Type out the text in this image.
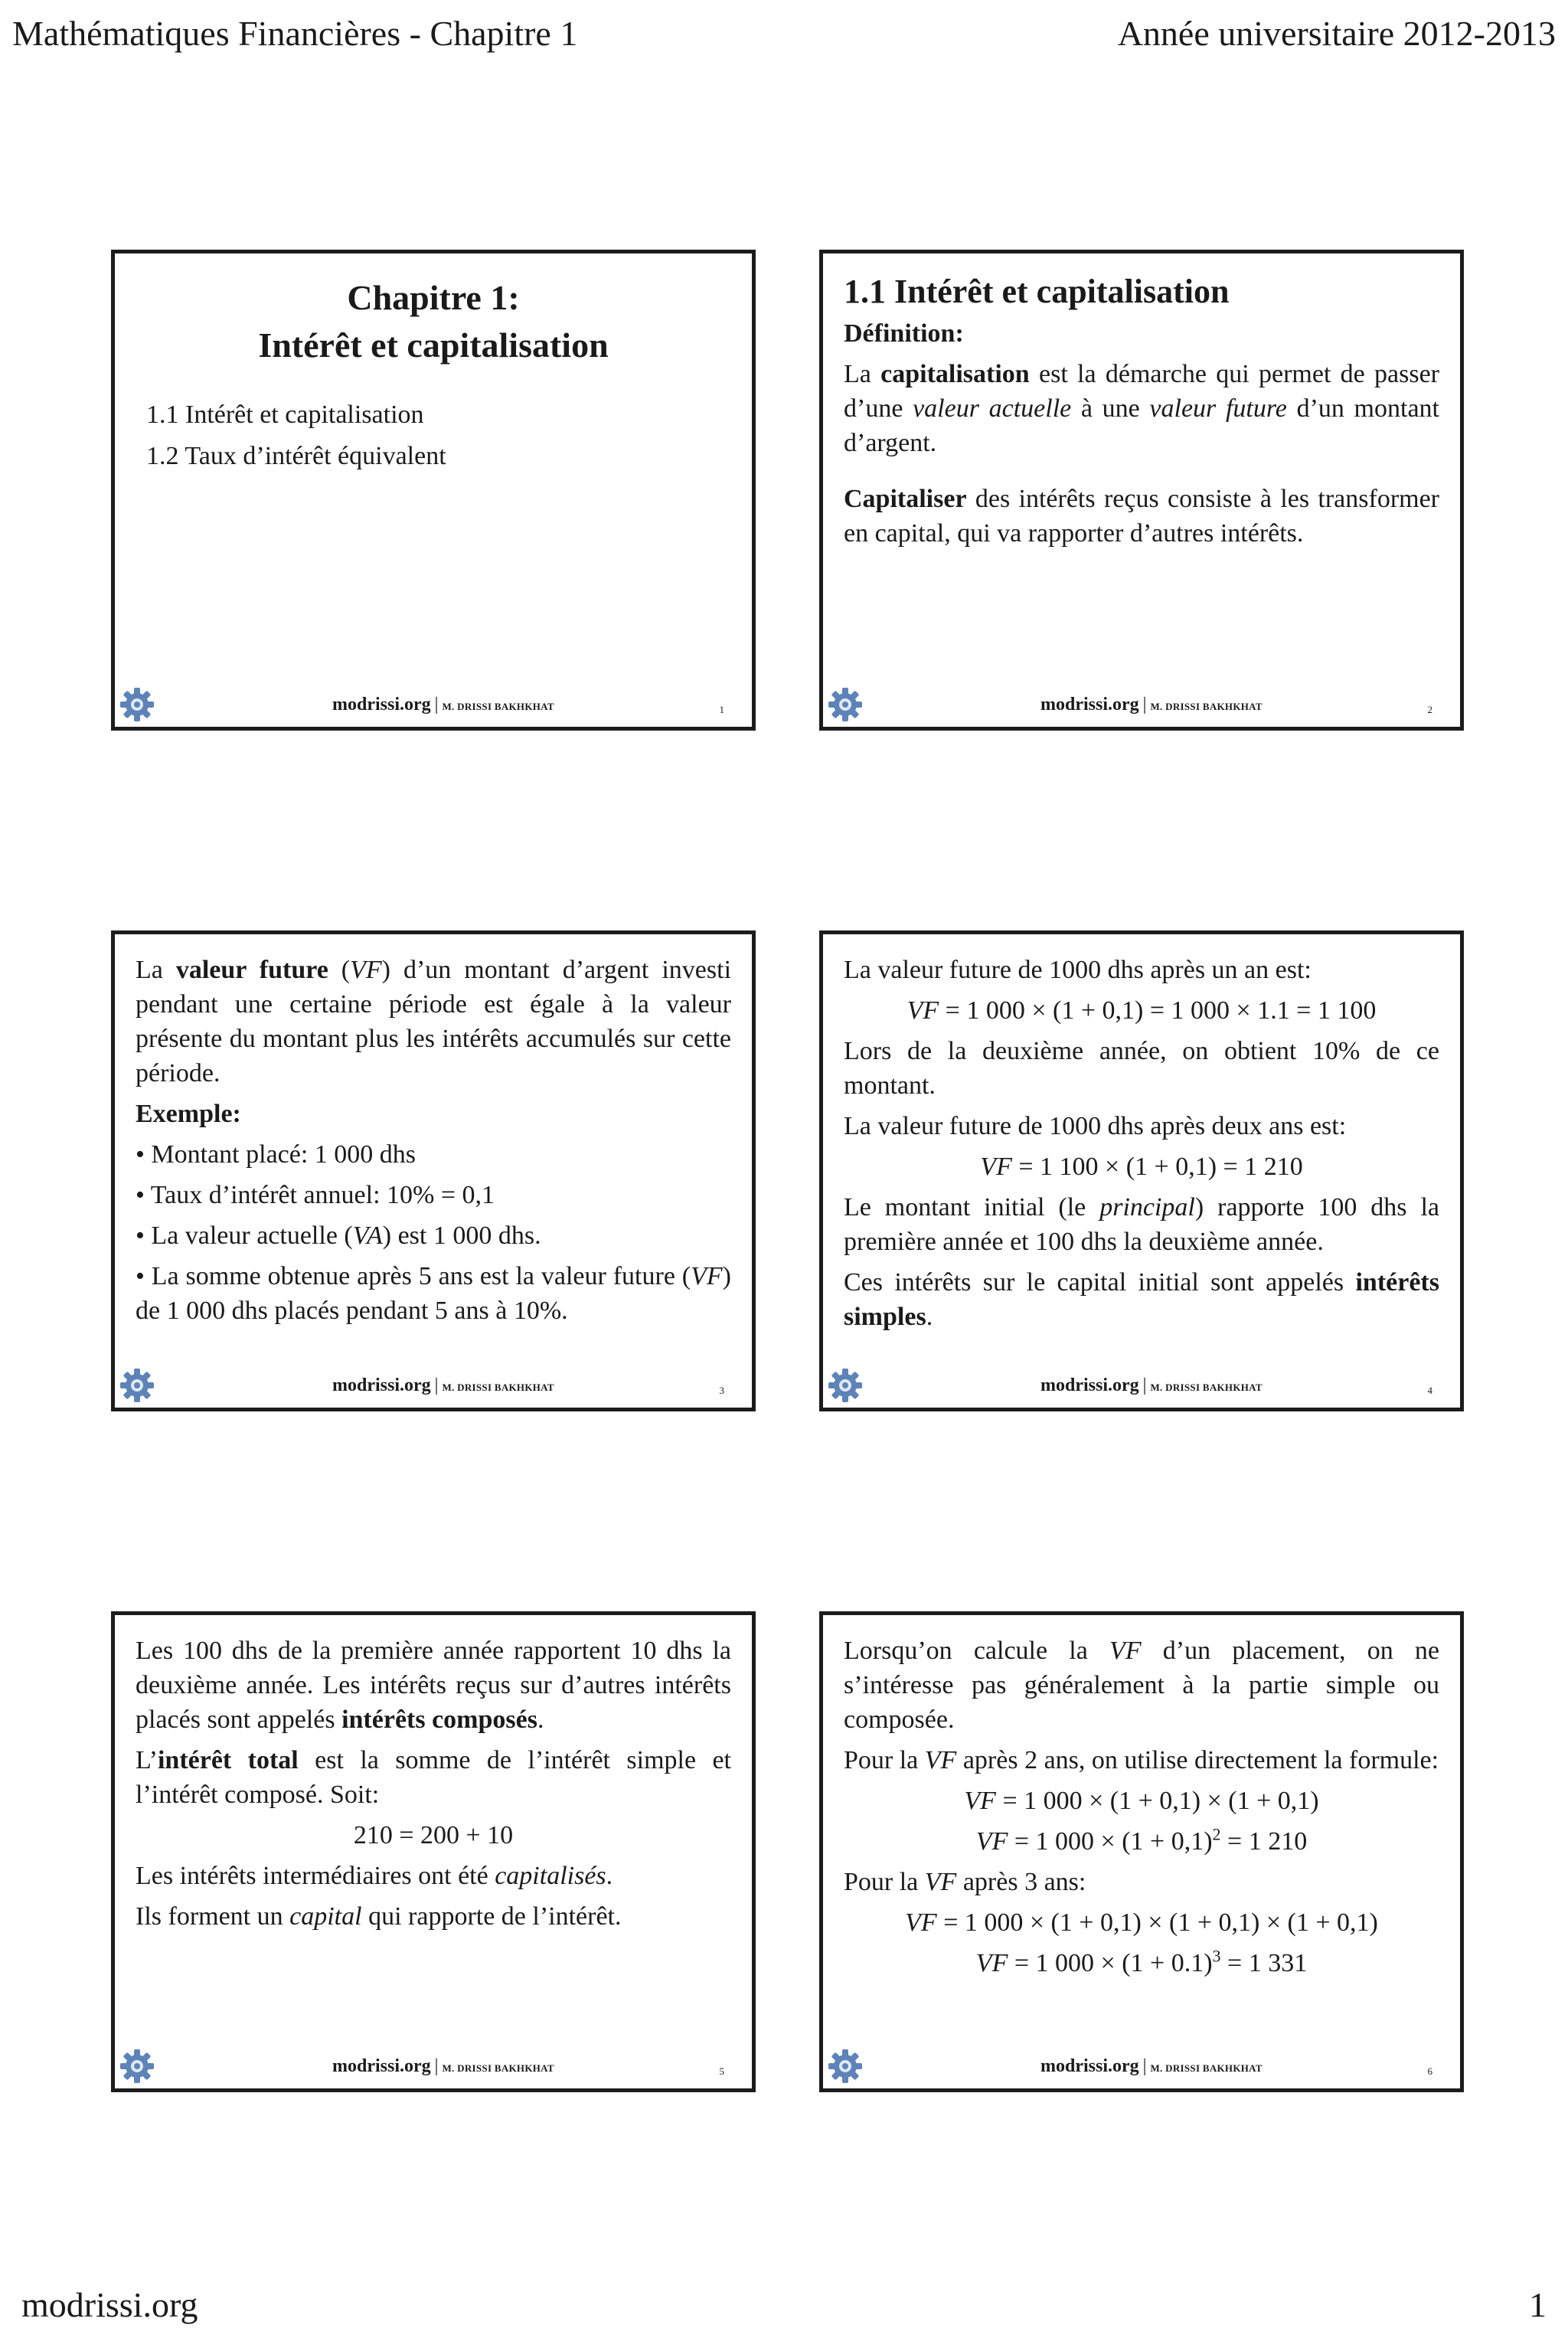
Mathématiques Financières - Chapitre 1	Année universitaire 2012-2013
Chapitre 1:
Intérêt et capitalisation
1.1 Intérêt et capitalisation
1.2 Taux d’intérêt équivalent
modrissi.org | M. DRISSI BAKHKHAT	1
1.1 Intérêt et capitalisation

Définition:

La capitalisation est la démarche qui permet de passer d’une valeur actuelle à une valeur future d’un montant d’argent.

Capitaliser des intérêts reçus consiste à les transformer en capital, qui va rapporter d’autres intérêts.

modrissi.org | M. DRISSI BAKHKHAT	2

La valeur future (VF) d’un montant d’argent investi pendant une certaine période est égale à la valeur présente du montant plus les intérêts accumulés sur cette période.

Exemple:

• Montant placé: 1 000 dhs

• Taux d’intérêt annuel: 10% = 0,1

• La valeur actuelle (VA) est 1 000 dhs.

• La somme obtenue après 5 ans est la valeur future (VF) de 1 000 dhs placés pendant 5 ans à 10%.

modrissi.org | M. DRISSI BAKHKHAT	3

La valeur future de 1000 dhs après un an est:

VF = 1 000 × (1 + 0,1) = 1 000 × 1.1 = 1 100

Lors de la deuxième année, on obtient 10% de ce montant.

La valeur future de 1000 dhs après deux ans est:

VF = 1 100 × (1 + 0,1) = 1 210

Le montant initial (le principal) rapporte 100 dhs la première année et 100 dhs la deuxième année.

Ces intérêts sur le capital initial sont appelés intérêts simples.

modrissi.org | M. DRISSI BAKHKHAT	4

Les 100 dhs de la première année rapportent 10 dhs la deuxième année. Les intérêts reçus sur d’autres intérêts placés sont appelés intérêts composés.

L’intérêt total est la somme de l’intérêt simple et l’intérêt composé. Soit:

210 = 200 + 10

Les intérêts intermédiaires ont été capitalisés.

Ils forment un capital qui rapporte de l’intérêt.

modrissi.org | M. DRISSI BAKHKHAT	5

Lorsqu’on calcule la VF d’un placement, on ne s’intéresse pas généralement à la partie simple ou composée.

Pour la VF après 2 ans, on utilise directement la formule:

VF = 1 000 × (1 + 0,1) × (1 + 0,1)

VF = 1 $000 \times (1 + 0,1)^2 = 1$ 210

Pour la VF après 3 ans:

VF = 1 000 × (1 + 0,1) × (1 + 0,1) × (1 + 0,1)

VF = 1 $000 \times (1 + 0.1)^3 = 1$ 331

modrissi.org | M. DRISSI BAKHKHAT	6
modrissi.org	1
